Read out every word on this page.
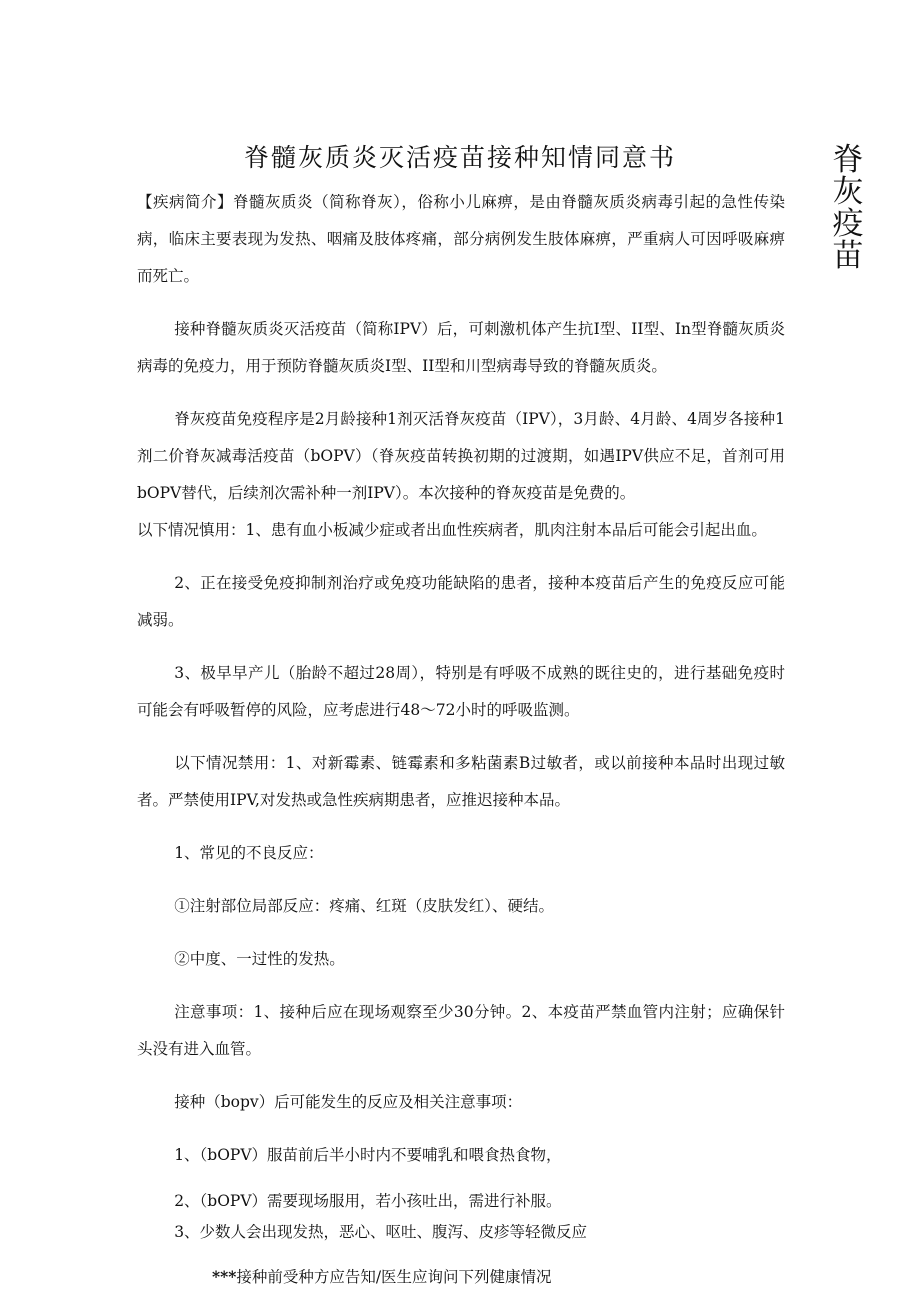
脊髓灰质炎灭活疫苗接种知情同意书	脊
灰
疫
苗

【疾病简介】脊髓灰质炎（简称脊灰），俗称小儿麻痹，是由脊髓灰质炎病毒引起的急性传染病，临床主要表现为发热、咽痛及肢体疼痛，部分病例发生肢体麻痹，严重病人可因呼吸麻痹而死亡。

接种脊髓灰质炎灭活疫苗（简称IPV）后，可刺激机体产生抗I型、II型、In型脊髓灰质炎病毒的免疫力，用于预防脊髓灰质炎I型、II型和川型病毒导致的脊髓灰质炎。

脊灰疫苗免疫程序是2月龄接种1剂灭活脊灰疫苗（IPV），3月龄、4月龄、4周岁各接种1剂二价脊灰减毒活疫苗（bOPV）（脊灰疫苗转换初期的过渡期，如遇IPV供应不足，首剂可用bOPV替代，后续剂次需补种一剂IPV）。本次接种的脊灰疫苗是免费的。

以下情况慎用：1、患有血小板减少症或者出血性疾病者，肌肉注射本品后可能会引起出血。

2、正在接受免疫抑制剂治疗或免疫功能缺陷的患者，接种本疫苗后产生的免疫反应可能减弱。

3、极早早产儿（胎龄不超过28周），特别是有呼吸不成熟的既往史的，进行基础免疫时可能会有呼吸暂停的风险，应考虑进行48～72小时的呼吸监测。

以下情况禁用：1、对新霉素、链霉素和多粘菌素B过敏者，或以前接种本品时出现过敏者。严禁使用IPV,对发热或急性疾病期患者，应推迟接种本品。

1、常见的不良反应：

①注射部位局部反应：疼痛、红斑（皮肤发红）、硬结。

②中度、一过性的发热。

注意事项：1、接种后应在现场观察至少30分钟。2、本疫苗严禁血管内注射；应确保针头没有进入血管。

接种（bopv）后可能发生的反应及相关注意事项：

1、（bOPV）服苗前后半小时内不要哺乳和喂食热食物，

2、（bOPV）需要现场服用，若小孩吐出，需进行补服。

3、少数人会出现发热，恶心、呕吐、腹泻、皮疹等轻微反应

***接种前受种方应告知/医生应询问下列健康情况
